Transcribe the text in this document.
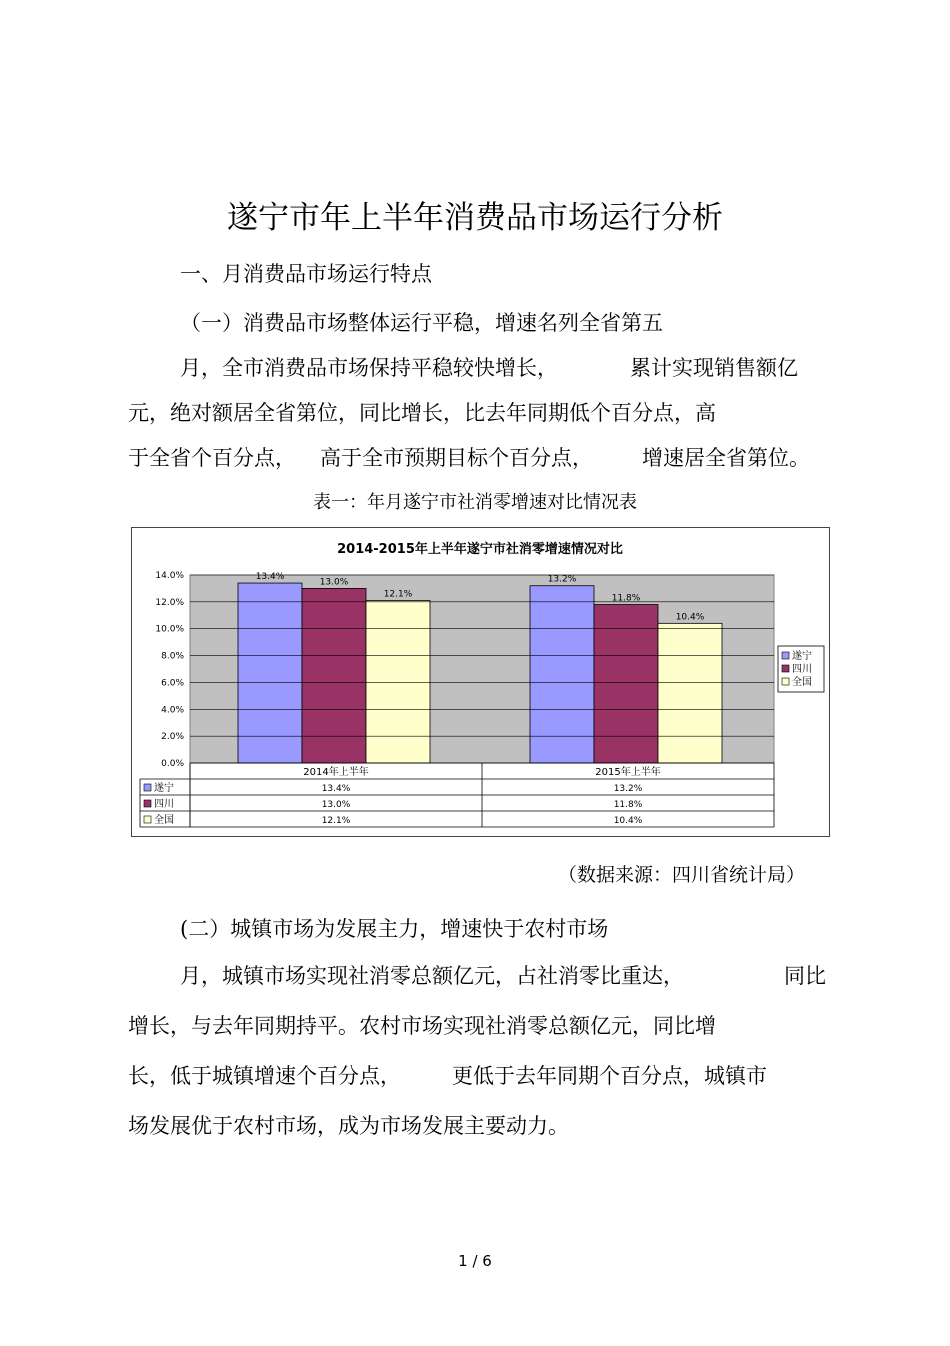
遂宁市年上半年消费品市场运行分析
一、月消费品市场运行特点
（一）消费品市场整体运行平稳，增速名列全省第五
月，全市消费品市场保持平稳较快增长，	累计实现销售额亿
元，绝对额居全省第位，同比增长，比去年同期低个百分点，高
于全省个百分点， 高于全市预期目标个百分点， 增速居全省第位。
表一：年月遂宁市社消零增速对比情况表
2014-2015年上半年遂宁市社消零增速情况对比
13.4%
13.0%
12.1%
13.2%
11.8%
10.4%
0.0%
2.0%
4.0%
6.0%
8.0%
10.0%
12.0%
14.0%
遂宁
四川
全国
2014年上半年	2015年上半年
遂宁	13.4%	13.2%
四川	13.0%	11.8%
全国	12.1%	10.4%
（数据来源：四川省统计局）
(二）城镇市场为发展主力，增速快于农村市场
月，城镇市场实现社消零总额亿元，占社消零比重达，	同比
增长，与去年同期持平。农村市场实现社消零总额亿元，同比增
长，低于城镇增速个百分点， 更低于去年同期个百分点，城镇市
场发展优于农村市场，成为市场发展主要动力。
1 / 6
